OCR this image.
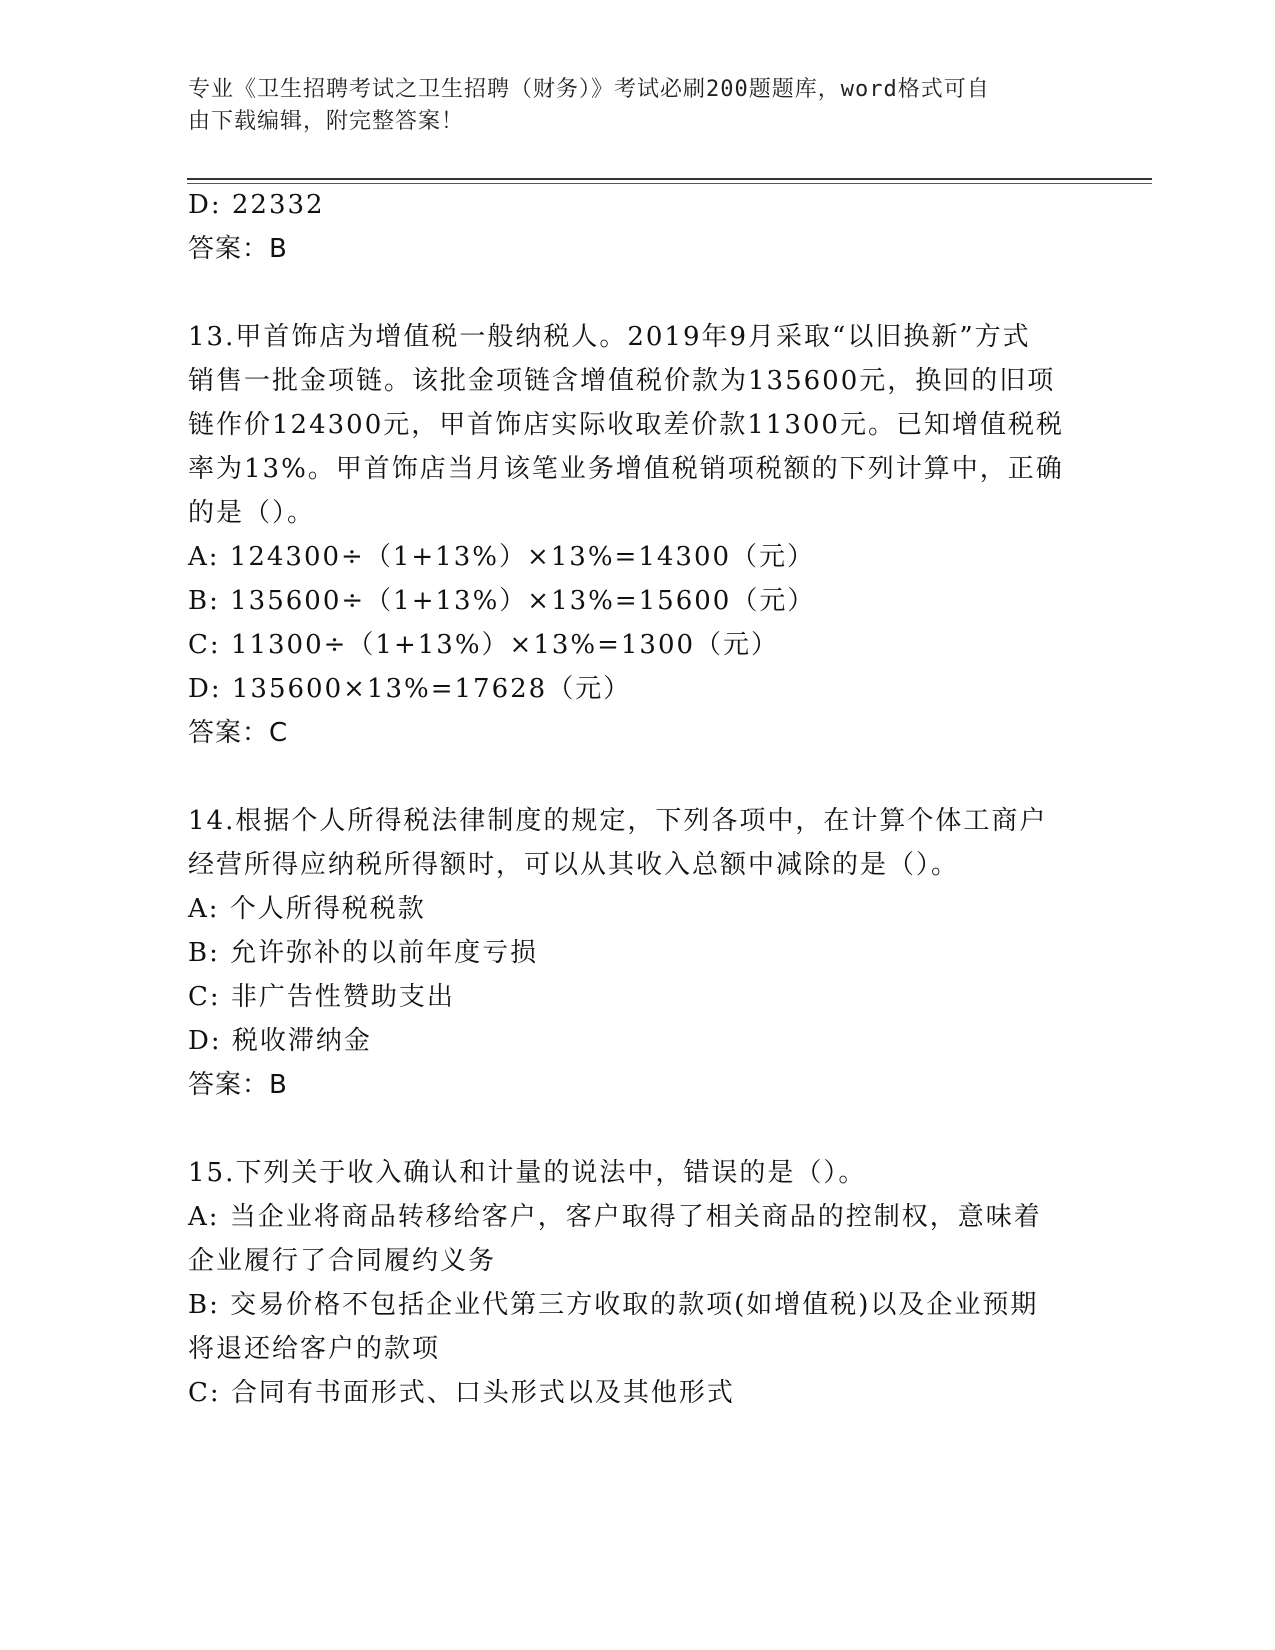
专业《卫生招聘考试之卫生招聘（财务）》考试必刷200题题库，word格式可自
由下载编辑，附完整答案！
D: 22332
答案：B
13.甲首饰店为增值税一般纳税人。2019年9月采取“以旧换新”方式
销售一批金项链。该批金项链含增值税价款为135600元，换回的旧项
链作价124300元，甲首饰店实际收取差价款11300元。已知增值税税
率为13%。甲首饰店当月该笔业务增值税销项税额的下列计算中，正确
的是（）。
A: 124300÷（1+13%）×13%=14300（元）
B: 135600÷（1+13%）×13%=15600（元）
C: 11300÷（1+13%）×13%=1300（元）
D: 135600×13%=17628（元）
答案：C
14.根据个人所得税法律制度的规定，下列各项中，在计算个体工商户
经营所得应纳税所得额时，可以从其收入总额中减除的是（）。
A: 个人所得税税款
B: 允许弥补的以前年度亏损
C: 非广告性赞助支出
D: 税收滞纳金
答案：B
15.下列关于收入确认和计量的说法中，错误的是（）。
A: 当企业将商品转移给客户，客户取得了相关商品的控制权，意味着
企业履行了合同履约义务
B: 交易价格不包括企业代第三方收取的款项(如增值税)以及企业预期
将退还给客户的款项
C: 合同有书面形式、口头形式以及其他形式
